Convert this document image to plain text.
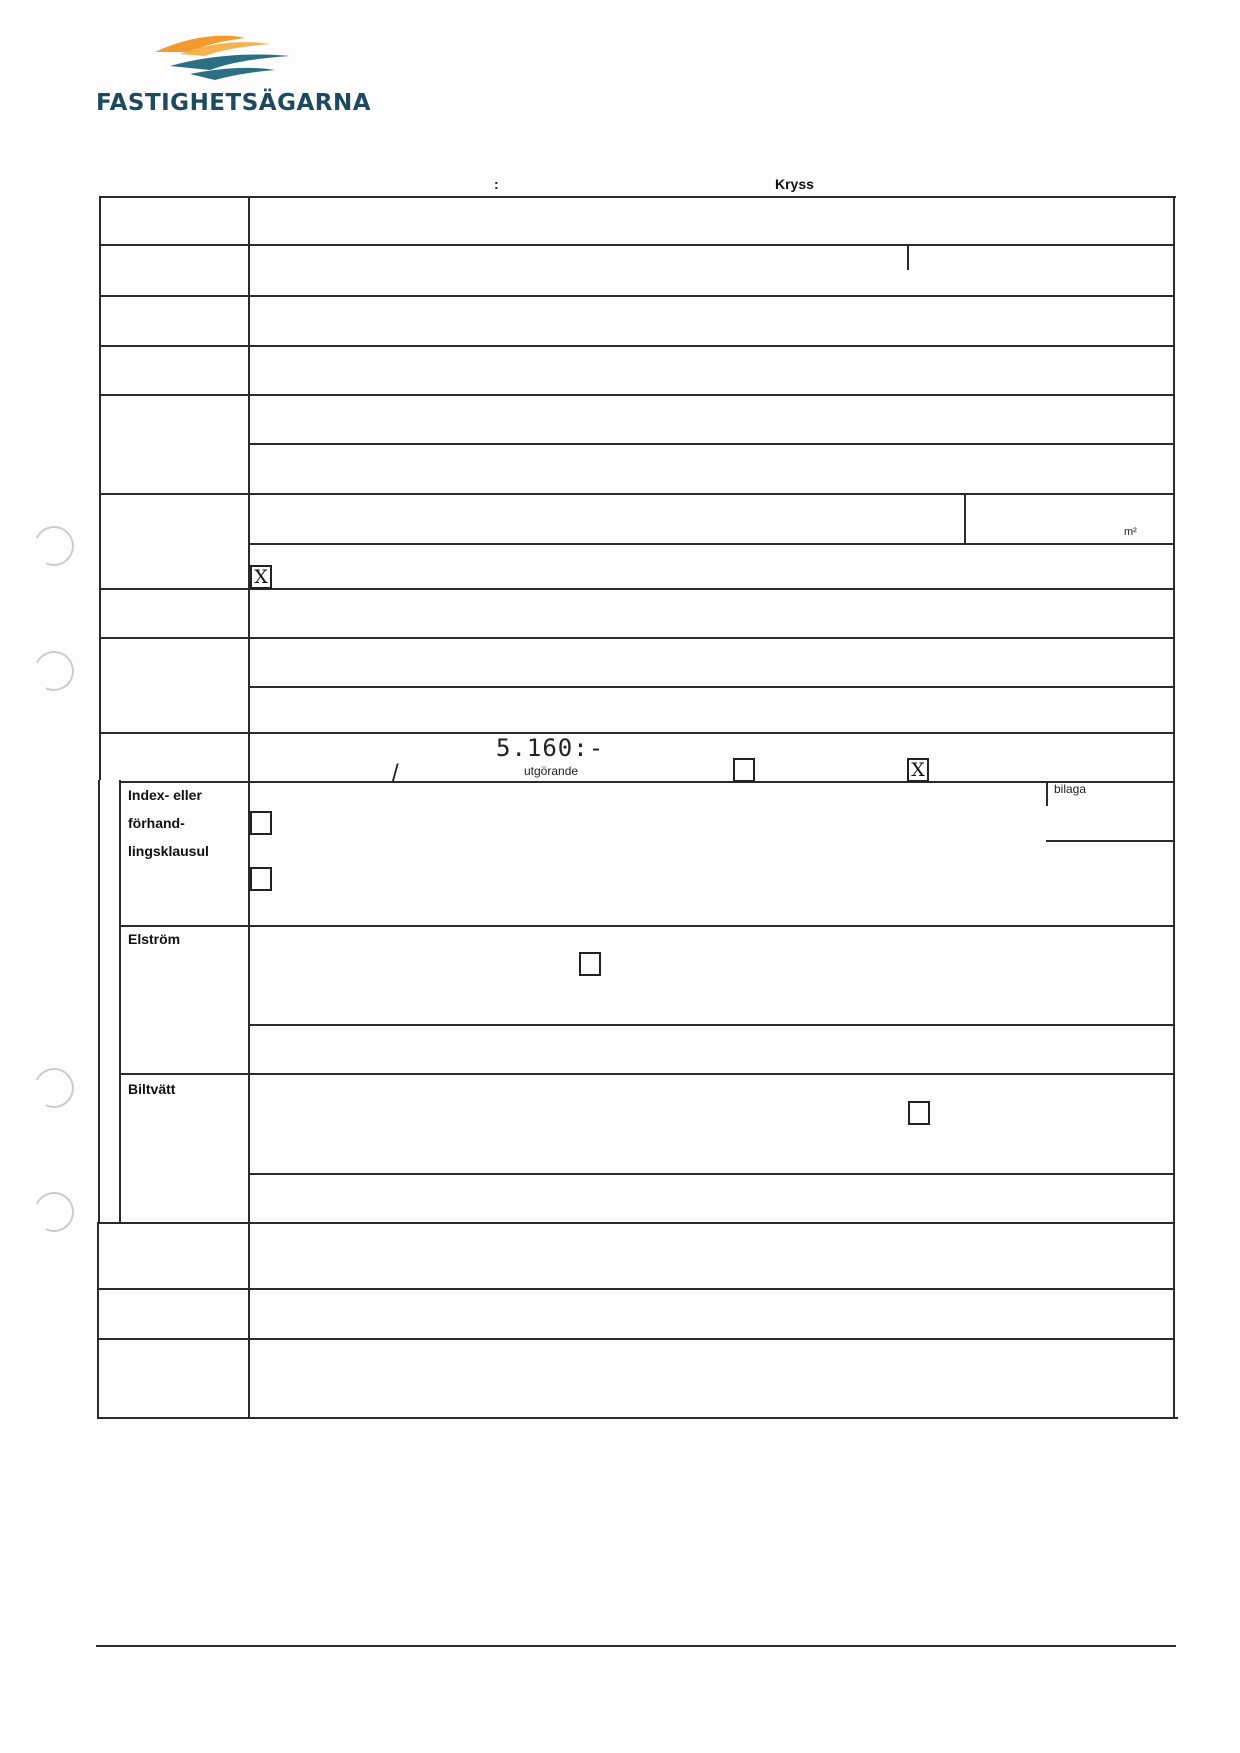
FASTIGHETSÄGARNA
:	Kryss
m²
X
X
5.160:-
/	utgörande
bilaga
Index- eller
förhand-
lingsklausul
Elström
Biltvätt
